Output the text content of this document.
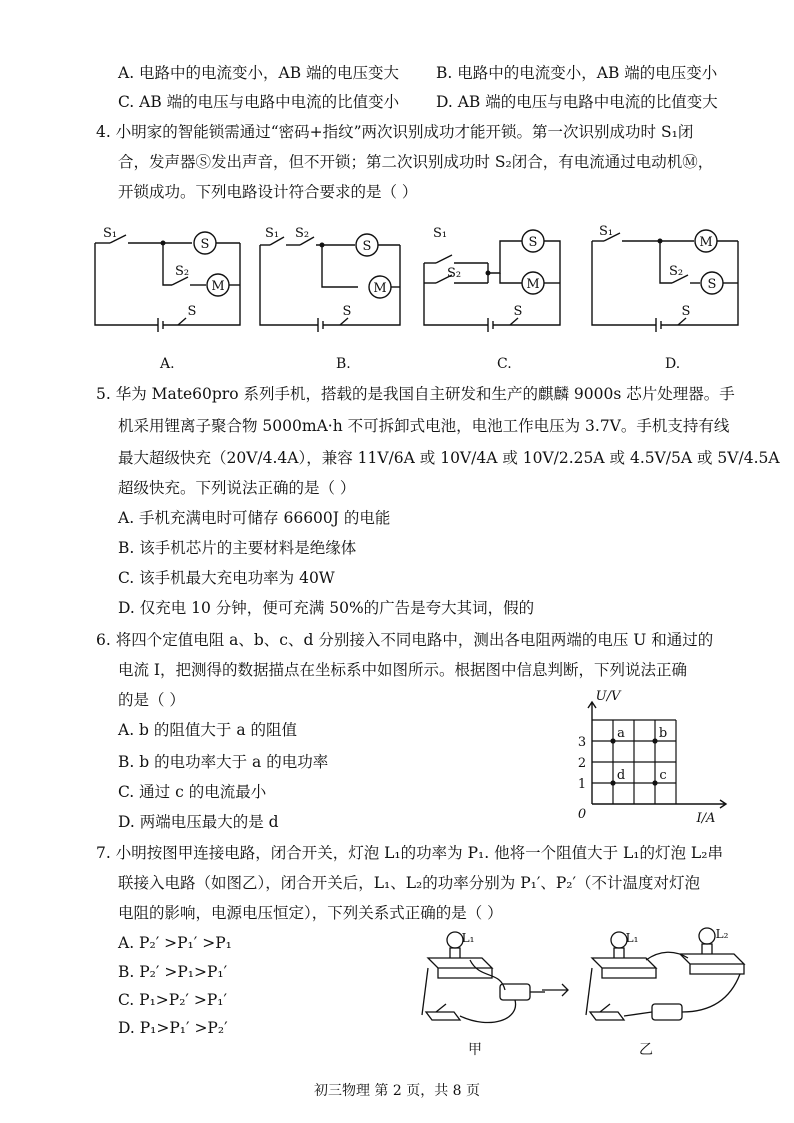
A. 电路中的电流变小，AB 端的电压变大 B. 电路中的电流变小，AB 端的电压变小
C. AB 端的电压与电路中电流的比值变小 D. AB 端的电压与电路中电流的比值变大
4. 小明家的智能锁需通过“密码+指纹”两次识别成功才能开锁。第一次识别成功时 S₁闭
合，发声器Ⓢ发出声音，但不开锁；第二次识别成功时 S₂闭合，有电流通过电动机Ⓜ，
开锁成功。下列电路设计符合要求的是（ ）
S₁
S
S₂
M
S
S₁ S₂
S
M
S
S₁
S₂
S
M
S
S₁
S₂
M
S
S
A.	B.	C.	D.
5. 华为 Mate60pro 系列手机，搭载的是我国自主研发和生产的麒麟 9000s 芯片处理器。手
机采用锂离子聚合物 5000mA·h 不可拆卸式电池，电池工作电压为 3.7V。手机支持有线
最大超级快充（20V/4.4A），兼容 11V/6A 或 10V/4A 或 10V/2.25A 或 4.5V/5A 或 5V/4.5A
超级快充。下列说法正确的是（ ）
A. 手机充满电时可储存 66600J 的电能
B. 该手机芯片的主要材料是绝缘体
C. 该手机最大充电功率为 40W
D. 仅充电 10 分钟，便可充满 50%的广告是夸大其词，假的
6. 将四个定值电阻 a、b、c、d 分别接入不同电路中，测出各电阻两端的电压 U 和通过的
电流 I，把测得的数据描点在坐标系中如图所示。根据图中信息判断，下列说法正确
的是（ ）
A. b 的阻值大于 a 的阻值
B. b 的电功率大于 a 的电功率
C. 通过 c 的电流最小
D. 两端电压最大的是 d
a	b
c
d
1
2
3
0
U/V
I/A
7. 小明按图甲连接电路，闭合开关，灯泡 L₁的功率为 P₁. 他将一个阻值大于 L₁的灯泡 L₂串
联接入电路（如图乙），闭合开关后，L₁、L₂的功率分别为 P₁′、P₂′（不计温度对灯泡
电阻的影响，电源电压恒定），下列关系式正确的是（ ）
A. P₂′ >P₁′ >P₁
B. P₂′ >P₁>P₁′
C. P₁>P₂′ >P₁′
D. P₁>P₁′ >P₂′
L₁	L₁	L₂
甲	乙
初三物理 第 2 页，共 8 页
